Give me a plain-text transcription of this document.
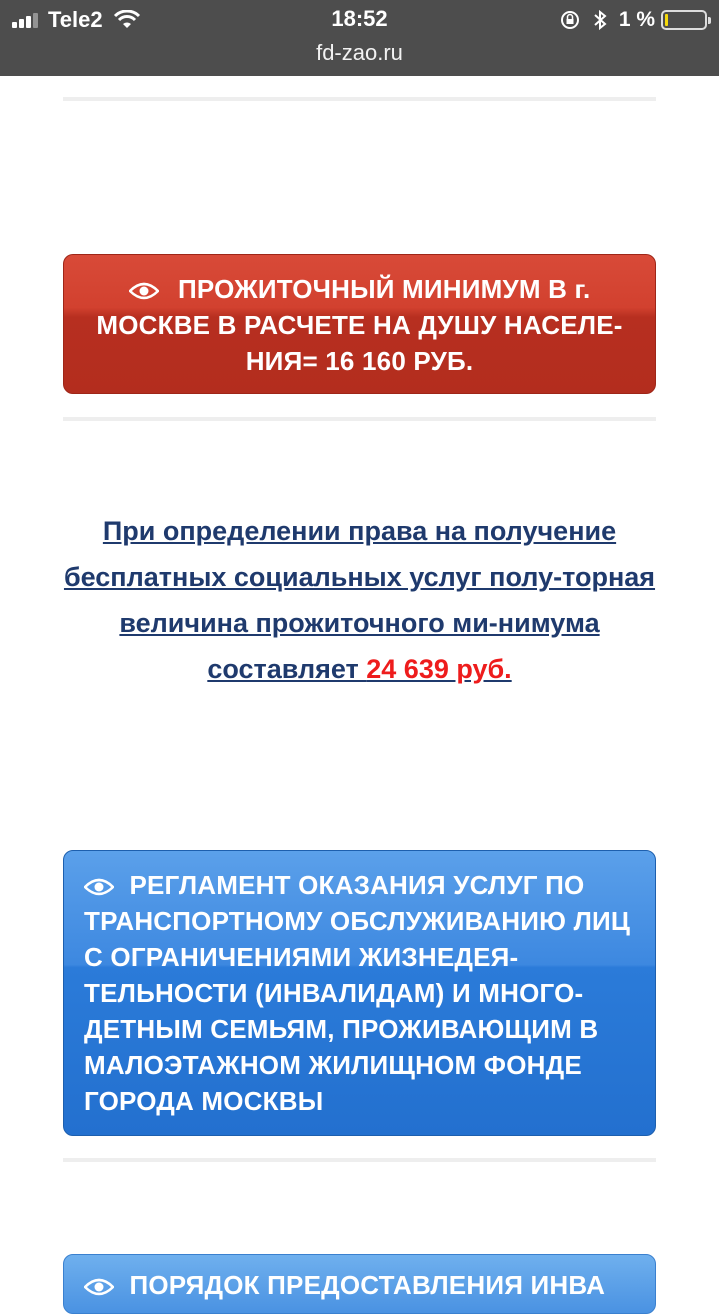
Tele2	18:52	1 %
fd-zao.ru
ПРОЖИТОЧНЫЙ МИНИМУМ В г. МОСКВЕ В РАСЧЕТЕ НА ДУШУ НАСЕЛЕ-НИЯ= 16 160 РУБ.
При определении права на получение бесплатных социальных услуг полу-торная величина прожиточного ми-нимума составляет 24 639 руб.
РЕГЛАМЕНТ ОКАЗАНИЯ УСЛУГ ПО ТРАНСПОРТНОМУ ОБСЛУЖИВАНИЮ ЛИЦ С ОГРАНИЧЕНИЯМИ ЖИЗНЕДЕЯ-ТЕЛЬНОСТИ (ИНВАЛИДАМ) И МНОГО-ДЕТНЫМ СЕМЬЯМ, ПРОЖИВАЮЩИМ В МАЛОЭТАЖНОМ ЖИЛИЩНОМ ФОНДЕ ГОРОДА МОСКВЫ
ПОРЯДОК ПРЕДОСТАВЛЕНИЯ ИНВА
